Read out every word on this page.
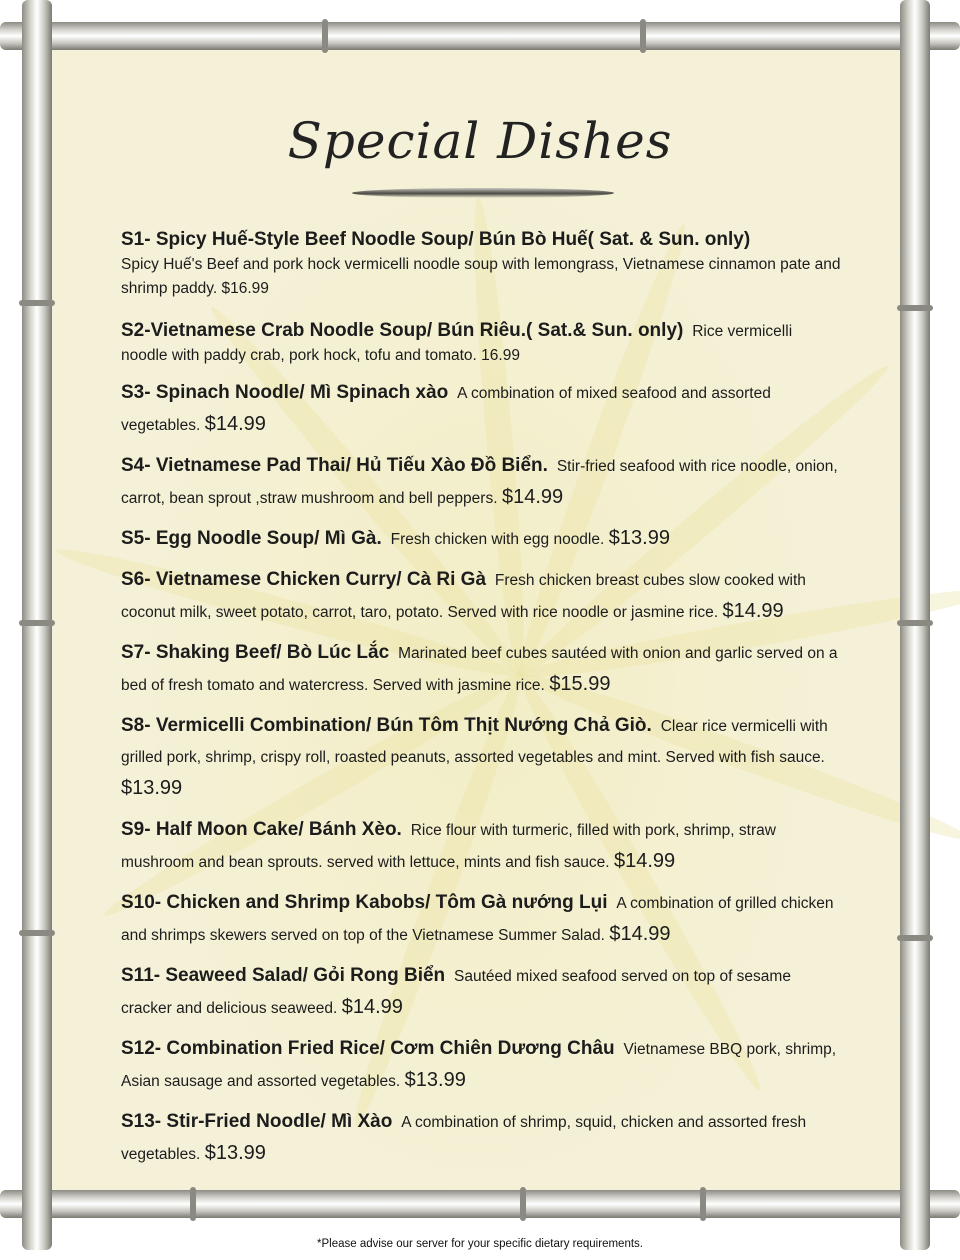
Special Dishes
S1- Spicy Huế-Style Beef Noodle Soup/ Bún Bò Huế( Sat. & Sun. only)
Spicy Huế's Beef and pork hock vermicelli noodle soup with lemongrass, Vietnamese cinnamon pate and shrimp paddy. $16.99
S2-Vietnamese Crab Noodle Soup/ Bún Riêu.( Sat.& Sun. only) Rice vermicelli noodle with paddy crab, pork hock, tofu and tomato. 16.99
S3- Spinach Noodle/ Mì Spinach xào A combination of mixed seafood and assorted vegetables. $14.99
S4- Vietnamese Pad Thai/ Hủ Tiếu Xào Đồ Biển. Stir-fried seafood with rice noodle, onion, carrot, bean sprout ,straw mushroom and bell peppers. $14.99
S5- Egg Noodle Soup/ Mì Gà. Fresh chicken with egg noodle. $13.99
S6- Vietnamese Chicken Curry/ Cà Ri Gà Fresh chicken breast cubes slow cooked with coconut milk, sweet potato, carrot, taro, potato. Served with rice noodle or jasmine rice. $14.99
S7- Shaking Beef/ Bò Lúc Lắc Marinated beef cubes sautéed with onion and garlic served on a bed of fresh tomato and watercress. Served with jasmine rice. $15.99
S8- Vermicelli Combination/ Bún Tôm Thịt Nướng Chả Giò. Clear rice vermicelli with grilled pork, shrimp, crispy roll, roasted peanuts, assorted vegetables and mint. Served with fish sauce. $13.99
S9- Half Moon Cake/ Bánh Xèo. Rice flour with turmeric, filled with pork, shrimp, straw mushroom and bean sprouts. served with lettuce, mints and fish sauce. $14.99
S10- Chicken and Shrimp Kabobs/ Tôm Gà nướng Lụi A combination of grilled chicken and shrimps skewers served on top of the Vietnamese Summer Salad. $14.99
S11- Seaweed Salad/ Gỏi Rong Biển Sautéed mixed seafood served on top of sesame cracker and delicious seaweed. $14.99
S12- Combination Fried Rice/ Cơm Chiên Dương Châu Vietnamese BBQ pork, shrimp, Asian sausage and assorted vegetables. $13.99
S13- Stir-Fried Noodle/ Mì Xào A combination of shrimp, squid, chicken and assorted fresh vegetables. $13.99
*Please advise our server for your specific dietary requirements.
